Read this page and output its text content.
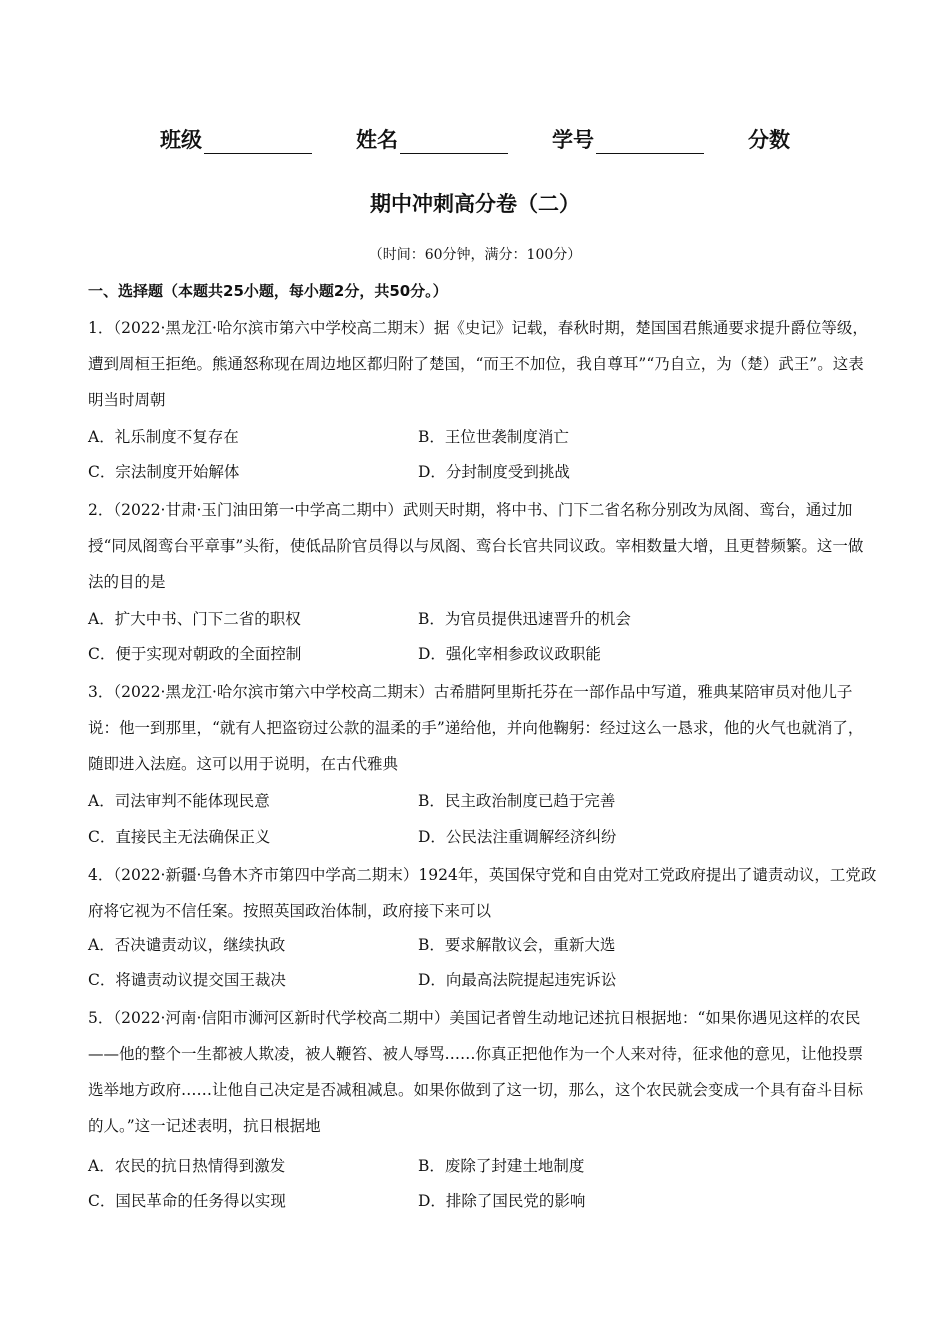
班级	姓名	学号	分数
期中冲刺高分卷（二）
（时间：60分钟，满分：100分）
一、选择题（本题共25小题，每小题2分，共50分。）
1．（2022·黑龙江·哈尔滨市第六中学校高二期末）据《史记》记载，春秋时期，楚国国君熊通要求提升爵位等级，遭到周桓王拒绝。熊通怒称现在周边地区都归附了楚国，“而王不加位，我自尊耳”“乃自立，为（楚）武王”。这表明当时周朝
A．礼乐制度不复存在	B．王位世袭制度消亡
C．宗法制度开始解体	D．分封制度受到挑战
2．（2022·甘肃·玉门油田第一中学高二期中）武则天时期，将中书、门下二省名称分别改为凤阁、鸾台，通过加授“同凤阁鸾台平章事”头衔，使低品阶官员得以与凤阁、鸾台长官共同议政。宰相数量大增，且更替频繁。这一做法的目的是
A．扩大中书、门下二省的职权	B．为官员提供迅速晋升的机会
C．便于实现对朝政的全面控制	D．强化宰相参政议政职能
3．（2022·黑龙江·哈尔滨市第六中学校高二期末）古希腊阿里斯托芬在一部作品中写道，雅典某陪审员对他儿子说：他一到那里，“就有人把盗窃过公款的温柔的手”递给他，并向他鞠躬：经过这么一恳求，他的火气也就消了，随即进入法庭。这可以用于说明，在古代雅典
A．司法审判不能体现民意	B．民主政治制度已趋于完善
C．直接民主无法确保正义	D．公民法注重调解经济纠纷
4．（2022·新疆·乌鲁木齐市第四中学高二期末）1924年，英国保守党和自由党对工党政府提出了谴责动议，工党政府将它视为不信任案。按照英国政治体制，政府接下来可以
A．否决谴责动议，继续执政	B．要求解散议会，重新大选
C．将谴责动议提交国王裁决	D．向最高法院提起违宪诉讼
5．（2022·河南·信阳市浉河区新时代学校高二期中）美国记者曾生动地记述抗日根据地：“如果你遇见这样的农民——他的整个一生都被人欺凌，被人鞭笞、被人辱骂……你真正把他作为一个人来对待，征求他的意见，让他投票选举地方政府……让他自己决定是否减租减息。如果你做到了这一切，那么，这个农民就会变成一个具有奋斗目标的人。”这一记述表明，抗日根据地
A．农民的抗日热情得到激发	B．废除了封建土地制度
C．国民革命的任务得以实现	D．排除了国民党的影响
